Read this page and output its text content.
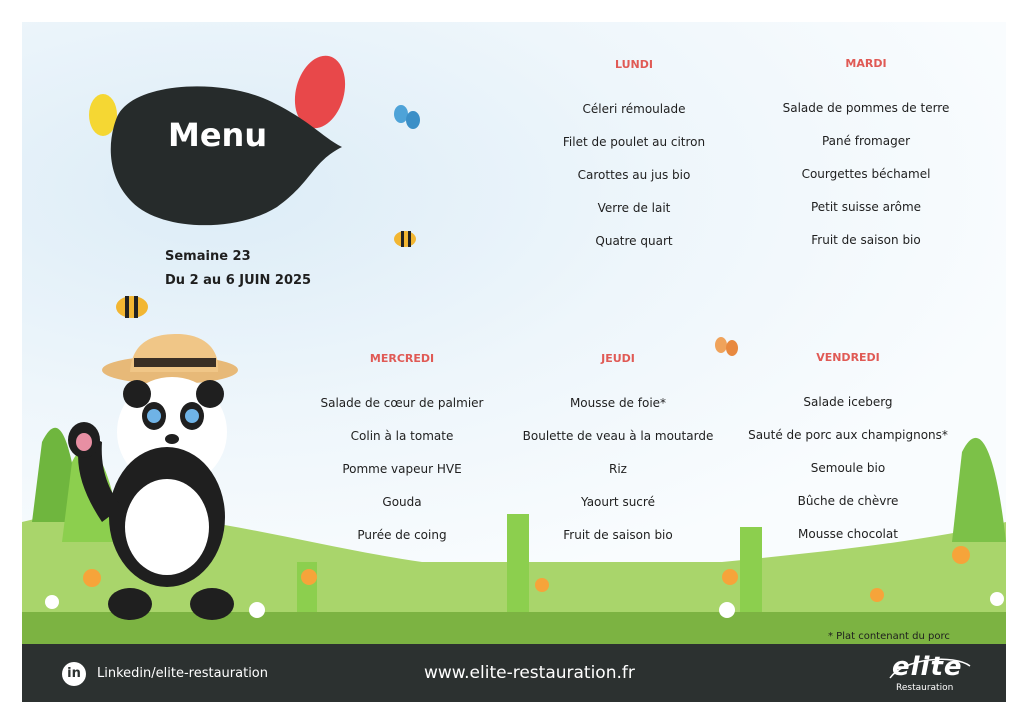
Menu
Semaine 23
Du 2 au 6 JUIN 2025
LUNDI
Céleri rémoulade
Filet de poulet au citron
Carottes au jus bio
Verre de lait
Quatre quart
MARDI
Salade de pommes de terre
Pané fromager
Courgettes béchamel
Petit suisse arôme
Fruit de saison bio
MERCREDI
Salade de cœur de palmier
Colin à la tomate
Pomme vapeur HVE
Gouda
Purée de coing
JEUDI
Mousse de foie*
Boulette de veau à la moutarde
Riz
Yaourt sucré
Fruit de saison bio
VENDREDI
Salade iceberg
Sauté de porc aux champignons*
Semoule bio
Bûche de chèvre
Mousse chocolat
* Plat contenant du porc
in	Linkedin/elite-restauration	www.elite-restauration.fr	elite
Restauration
